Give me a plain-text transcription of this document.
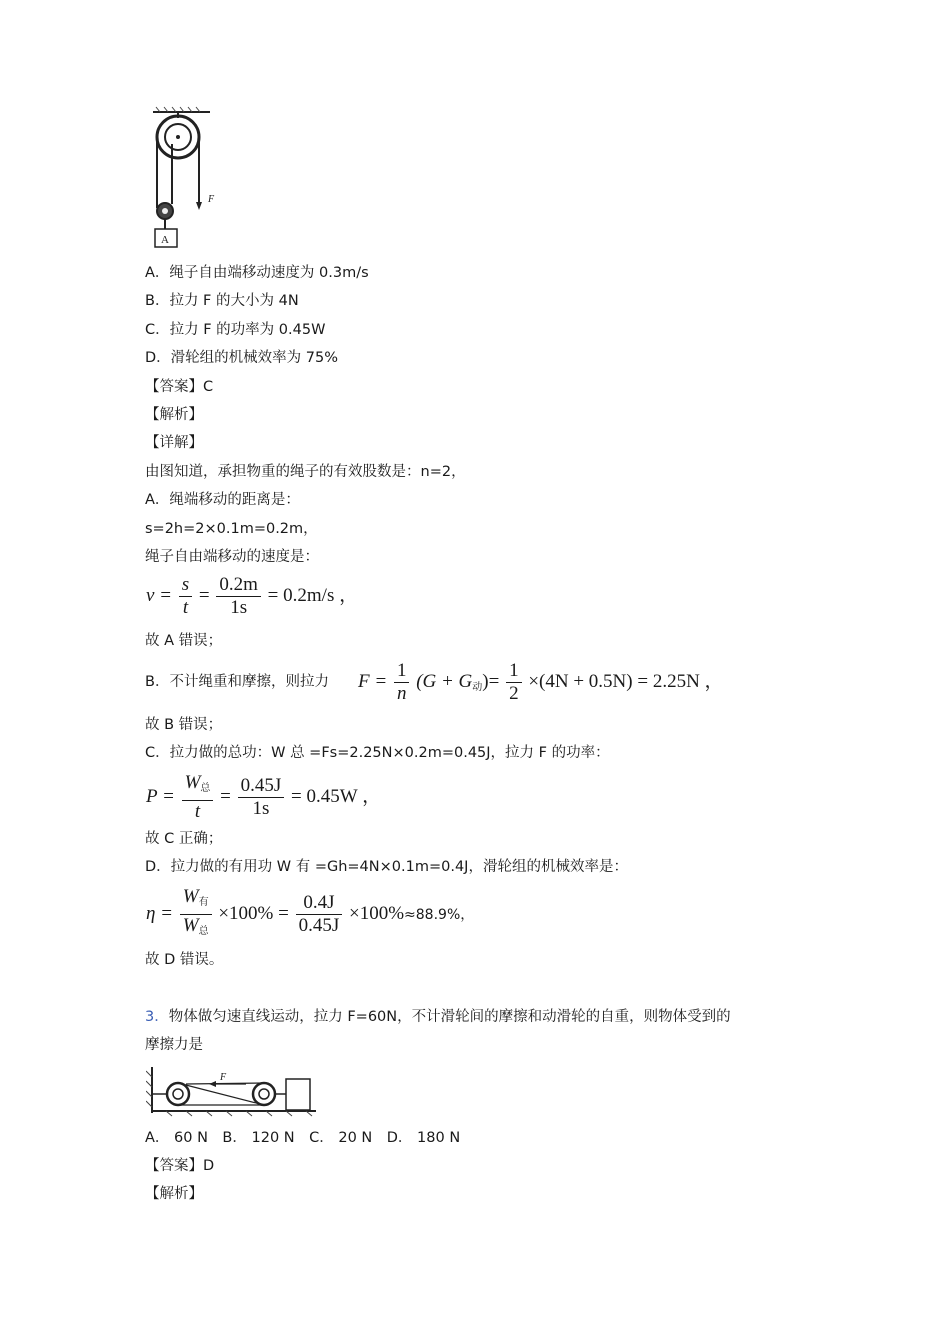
F
A
A．绳子自由端移动速度为 0.3m/s
B．拉力 F 的大小为 4N
C．拉力 F 的功率为 0.45W
D．滑轮组的机械效率为 75%
【答案】C
【解析】
【详解】
由图知道，承担物重的绳子的有效股数是：n=2，
A．绳端移动的距离是：
s=2h=2×0.1m=0.2m，
绳子自由端移动的速度是：
$v = \frac{s}{t} = \frac{0.2m}{1s} = 0.2m/s$ ，
故 A 错误；
B．不计绳重和摩擦，则拉力 $F = \frac{1}{n} (G + G_动)= \frac{1}{2} \times(4N + 0.5N) = 2.25N$ ，
故 B 错误；
C．拉力做的总功：W 总 =Fs=2.25N×0.2m=0.45J，拉力 F 的功率：
$P = \frac{W_总}{t} = \frac{0.45J}{1s} = 0.45W$ ，
故 C 正确；
D．拉力做的有用功 W 有 =Gh=4N×0.1m=0.4J，滑轮组的机械效率是：
$\eta = \frac{W_有}{W_总} \times 100\% = \frac{0.4J}{0.45J} \times 100\%\approx 88.9\%$，
故 D 错误。
3．物体做匀速直线运动，拉力 F=60N，不计滑轮间的摩擦和动滑轮的自重，则物体受到的
摩擦力是
F
A． 60 N　B． 120 N　C． 20 N　D． 180 N
【答案】D
【解析】
